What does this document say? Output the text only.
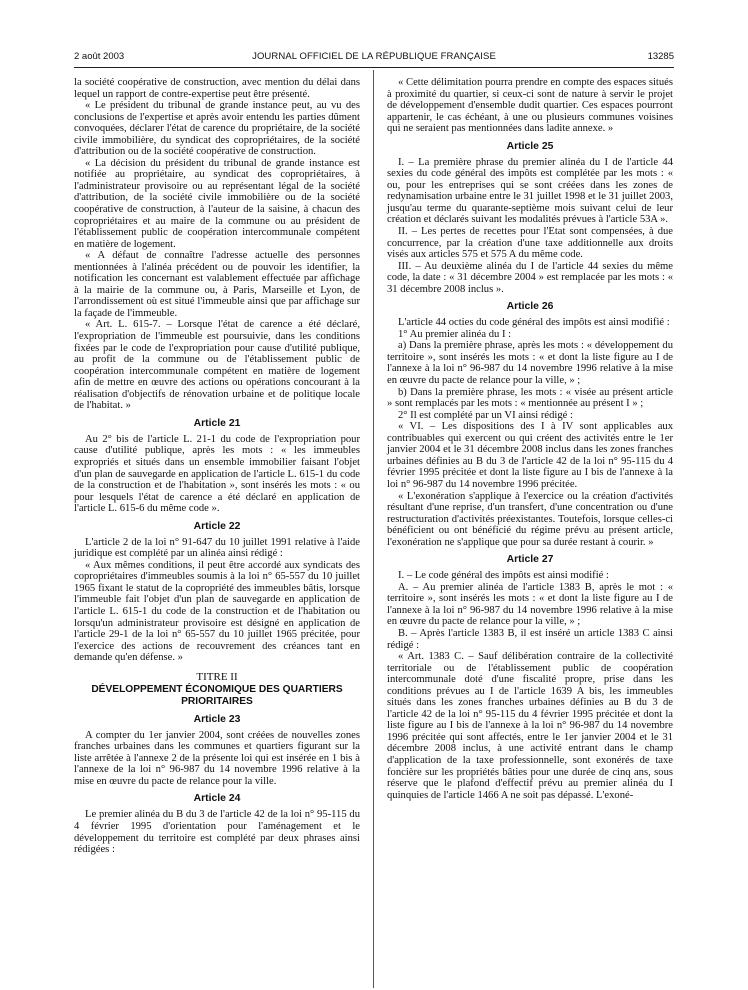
2 août 2003	JOURNAL OFFICIEL DE LA RÉPUBLIQUE FRANÇAISE	13285

la société coopérative de construction, avec mention du délai dans lequel un rapport de contre-expertise peut être présenté.

« Le président du tribunal de grande instance peut, au vu des conclusions de l'expertise et après avoir entendu les parties dûment convoquées, déclarer l'état de carence du propriétaire, de la société civile immobilière, du syndicat des copropriétaires, de la société d'attribution ou de la société coopérative de construction.

« La décision du président du tribunal de grande instance est notifiée au propriétaire, au syndicat des copropriétaires, à l'administrateur provisoire ou au représentant légal de la société d'attribution, de la société civile immobilière ou de la société coopérative de construction, à l'auteur de la saisine, à chacun des copropriétaires et au maire de la commune ou au président de l'établissement public de coopération intercommunale compétent en matière de logement.

« A défaut de connaître l'adresse actuelle des personnes mentionnées à l'alinéa précédent ou de pouvoir les identifier, la notification les concernant est valablement effectuée par affichage à la mairie de la commune ou, à Paris, Marseille et Lyon, de l'arrondissement où est situé l'immeuble ainsi que par affichage sur la façade de l'immeuble.

« Art. L. 615-7. – Lorsque l'état de carence a été déclaré, l'expropriation de l'immeuble est poursuivie, dans les conditions fixées par le code de l'expropriation pour cause d'utilité publique, au profit de la commune ou de l'établissement public de coopération intercommunale compétent en matière de logement afin de mettre en œuvre des actions ou opérations concourant à la réalisation d'objectifs de rénovation urbaine et de politique locale de l'habitat. »

Article 21

Au 2° bis de l'article L. 21-1 du code de l'expropriation pour cause d'utilité publique, après les mots : « les immeubles expropriés et situés dans un ensemble immobilier faisant l'objet d'un plan de sauvegarde en application de l'article L. 615-1 du code de la construction et de l'habitation », sont insérés les mots : « ou pour lesquels l'état de carence a été déclaré en application de l'article L. 615-6 du même code ».

Article 22

L'article 2 de la loi n° 91-647 du 10 juillet 1991 relative à l'aide juridique est complété par un alinéa ainsi rédigé :

« Aux mêmes conditions, il peut être accordé aux syndicats des copropriétaires d'immeubles soumis à la loi n° 65-557 du 10 juillet 1965 fixant le statut de la copropriété des immeubles bâtis, lorsque l'immeuble fait l'objet d'un plan de sauvegarde en application de l'article L. 615-1 du code de la construction et de l'habitation ou lorsqu'un administrateur provisoire est désigné en application de l'article 29-1 de la loi n° 65-557 du 10 juillet 1965 précitée, pour l'exercice des actions de recouvrement des créances tant en demande qu'en défense. »

TITRE II
DÉVELOPPEMENT ÉCONOMIQUE DES QUARTIERS PRIORITAIRES
Article 23

A compter du 1er janvier 2004, sont créées de nouvelles zones franches urbaines dans les communes et quartiers figurant sur la liste arrêtée à l'annexe 2 de la présente loi qui est insérée en 1 bis à l'annexe de la loi n° 96-987 du 14 novembre 1996 relative à la mise en œuvre du pacte de relance pour la ville.

Article 24

Le premier alinéa du B du 3 de l'article 42 de la loi n° 95-115 du 4 février 1995 d'orientation pour l'aménagement et le développement du territoire est complété par deux phrases ainsi rédigées :

« Cette délimitation pourra prendre en compte des espaces situés à proximité du quartier, si ceux-ci sont de nature à servir le projet de développement d'ensemble dudit quartier. Ces espaces pourront appartenir, le cas échéant, à une ou plusieurs communes voisines qui ne seraient pas mentionnées dans ladite annexe. »

Article 25

I. – La première phrase du premier alinéa du I de l'article 44 sexies du code général des impôts est complétée par les mots : « ou, pour les entreprises qui se sont créées dans les zones de redynamisation urbaine entre le 31 juillet 1998 et le 31 juillet 2003, jusqu'au terme du quarante-septième mois suivant celui de leur création et déclarés suivant les modalités prévues à l'article 53A ».

II. – Les pertes de recettes pour l'Etat sont compensées, à due concurrence, par la création d'une taxe additionnelle aux droits visés aux articles 575 et 575 A du même code.

III. – Au deuxième alinéa du I de l'article 44 sexies du même code, la date : « 31 décembre 2004 » est remplacée par les mots : « 31 décembre 2008 inclus ».

Article 26

L'article 44 octies du code général des impôts est ainsi modifié :

1° Au premier alinéa du I :

a) Dans la première phrase, après les mots : « développement du territoire », sont insérés les mots : « et dont la liste figure au I de l'annexe à la loi n° 96-987 du 14 novembre 1996 relative à la mise en œuvre du pacte de relance pour la ville, » ;

b) Dans la première phrase, les mots : « visée au présent article » sont remplacés par les mots : « mentionnée au présent I » ;

2° Il est complété par un VI ainsi rédigé :

« VI. – Les dispositions des I à IV sont applicables aux contribuables qui exercent ou qui créent des activités entre le 1er janvier 2004 et le 31 décembre 2008 inclus dans les zones franches urbaines définies au B du 3 de l'article 42 de la loi n° 95-115 du 4 février 1995 précitée et dont la liste figure au I bis de l'annexe à la loi n° 96-987 du 14 novembre 1996 précitée.

« L'exonération s'applique à l'exercice ou la création d'activités résultant d'une reprise, d'un transfert, d'une concentration ou d'une restructuration d'activités préexistantes. Toutefois, lorsque celles-ci bénéficient ou ont bénéficié du régime prévu au présent article, l'exonération ne s'applique que pour sa durée restant à courir. »

Article 27

I. – Le code général des impôts est ainsi modifié :

A. – Au premier alinéa de l'article 1383 B, après le mot : « territoire », sont insérés les mots : « et dont la liste figure au I de l'annexe à la loi n° 96-987 du 14 novembre 1996 relative à la mise en œuvre du pacte de relance pour la ville, » ;

B. – Après l'article 1383 B, il est inséré un article 1383 C ainsi rédigé :

« Art. 1383 C. – Sauf délibération contraire de la collectivité territoriale ou de l'établissement public de coopération intercommunale doté d'une fiscalité propre, prise dans les conditions prévues au I de l'article 1639 A bis, les immeubles situés dans les zones franches urbaines définies au B du 3 de l'article 42 de la loi n° 95-115 du 4 février 1995 précitée et dont la liste figure au I bis de l'annexe à la loi n° 96-987 du 14 novembre 1996 précitée qui sont affectés, entre le 1er janvier 2004 et le 31 décembre 2008 inclus, à une activité entrant dans le champ d'application de la taxe professionnelle, sont exonérés de taxe foncière sur les propriétés bâties pour une durée de cinq ans, sous réserve que le plafond d'effectif prévu au premier alinéa du I quinquies de l'article 1466 A ne soit pas dépassé. L'exoné-
